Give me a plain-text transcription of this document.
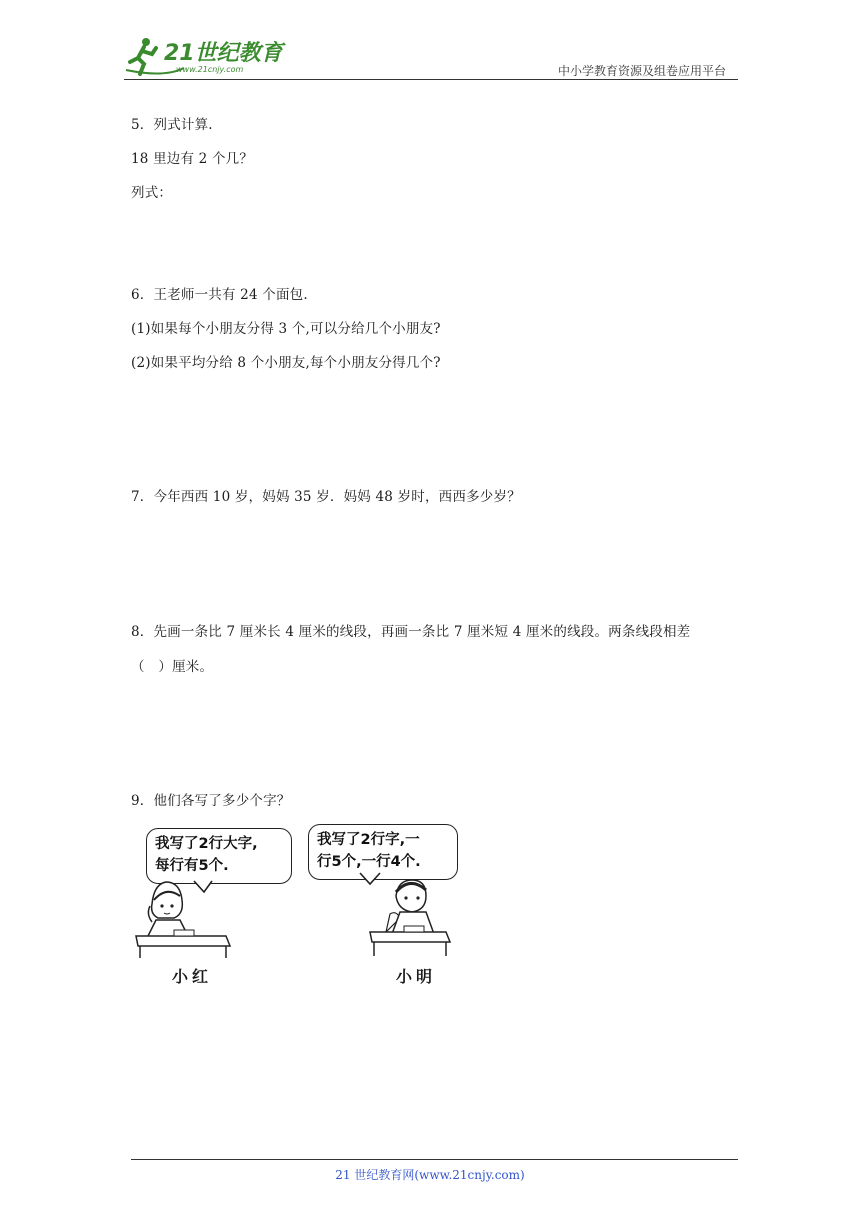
21世纪教育
www.21cnjy.com	中小学教育资源及组卷应用平台
5．列式计算.
18 里边有 2 个几？
列式：
6．王老师一共有 24 个面包.
(1)如果每个小朋友分得 3 个,可以分给几个小朋友?
(2)如果平均分给 8 个小朋友,每个小朋友分得几个?
7．今年西西 10 岁，妈妈 35 岁．妈妈 48 岁时，西西多少岁？
8．先画一条比 7 厘米长 4 厘米的线段，再画一条比 7 厘米短 4 厘米的线段。两条线段相差
（　）厘米。
9．他们各写了多少个字？
我写了2行大字,
每行有5个.
我写了2行字,一
行5个,一行4个.
小红	小明
21 世纪教育网(www.21cnjy.com)
